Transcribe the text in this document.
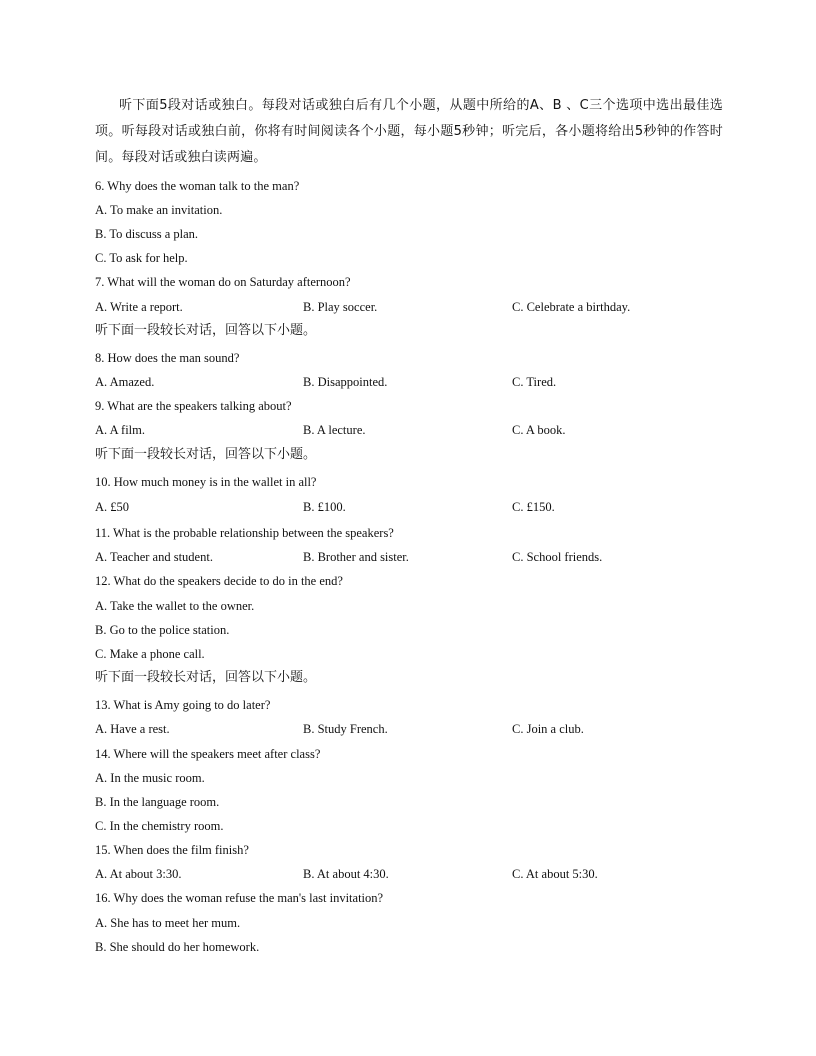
听下面5段对话或独白。每段对话或独白后有几个小题，从题中所给的A、B 、C三个选项中选出最佳选项。听每段对话或独白前，你将有时间阅读各个小题，每小题5秒钟；听完后，各小题将给出5秒钟的作答时间。每段对话或独白读两遍。
6. Why does the woman talk to the man?
A. To make an invitation.
B. To discuss a plan.
C. To ask for help.
7. What will the woman do on Saturday afternoon?
A. Write a report.	B. Play soccer.	C. Celebrate a birthday.
听下面一段较长对话，回答以下小题。
8. How does the man sound?
A. Amazed.	B. Disappointed.	C. Tired.
9. What are the speakers talking about?
A. A film.	B. A lecture.	C. A book.
听下面一段较长对话，回答以下小题。
10. How much money is in the wallet in all?
A. £50	B. £100.	C. £150.
11. What is the probable relationship between the speakers?
A. Teacher and student.	B. Brother and sister.	C. School friends.
12. What do the speakers decide to do in the end?
A. Take the wallet to the owner.
B. Go to the police station.
C. Make a phone call.
听下面一段较长对话，回答以下小题。
13. What is Amy going to do later?
A. Have a rest.	B. Study French.	C. Join a club.
14. Where will the speakers meet after class?
A. In the music room.
B. In the language room.
C. In the chemistry room.
15. When does the film finish?
A. At about 3:30.	B. At about 4:30.	C. At about 5:30.
16. Why does the woman refuse the man's last invitation?
A. She has to meet her mum.
B. She should do her homework.
